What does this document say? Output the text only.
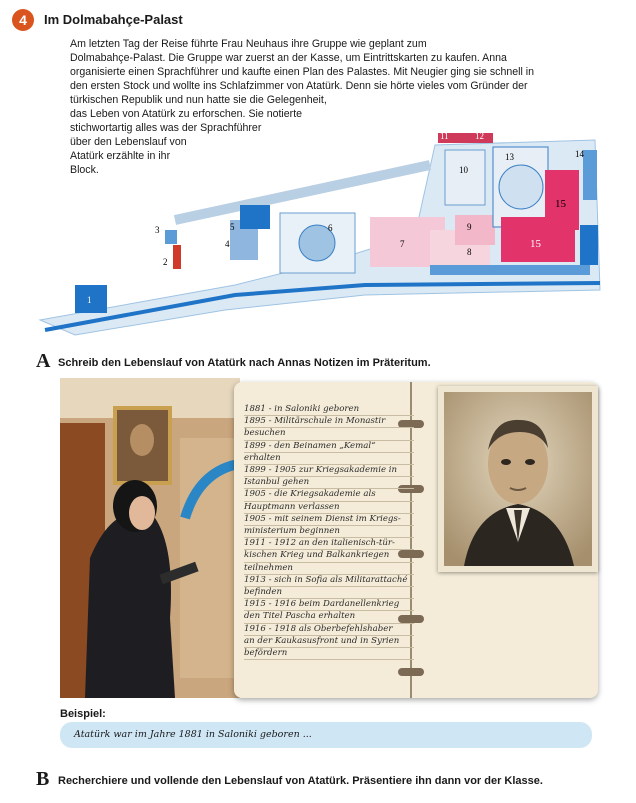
4	Im Dolmabahçe-Palast

Am letzten Tag der Reise führte Frau Neuhaus ihre Gruppe wie geplant zum

Dolmabahçe-Palast. Die Gruppe war zuerst an der Kasse, um Eintrittskarten zu kaufen. Anna

organisierte einen Sprachführer und kaufte einen Plan des Palastes. Mit Neugier ging sie schnell in

den ersten Stock und wollte ins Schlafzimmer von Atatürk. Denn sie hörte vieles vom Gründer der

türkischen Republik und nun hatte sie die Gelegenheit,

das Leben von Atatürk zu erforschen. Sie notierte

stichwortartig alles was der Sprachführer

über den Lebenslauf von

Atatürk erzählte in ihr

Block.

1
2
3
4
5	6
7
8
9
10
11	12
13	14
15
15
A Schreib den Lebenslauf von Atatürk nach Annas Notizen im Präteritum.
1881 - in Saloniki geboren
1895 - Militärschule in Monastir
besuchen
1899 - den Beinamen „Kemal“
erhalten
1899 - 1905 zur Kriegsakademie in
Istanbul gehen
1905 - die Kriegsakademie als
Hauptmann verlassen
1905 - mit seinem Dienst im Kriegs-
ministerium beginnen
1911 - 1912 an den italienisch-tür-
kischen Krieg und Balkankriegen
teilnehmen
1913 - sich in Sofia als Militarattaché
befinden
1915 - 1916 beim Dardanellenkrieg
den Titel Pascha erhalten
1916 - 1918 als Oberbefehlshaber
an der Kaukasusfront und in Syrien
befördern
Beispiel:
Atatürk war im Jahre 1881 in Saloniki geboren ...
B Recherchiere und vollende den Lebenslauf von Atatürk. Präsentiere ihn dann vor der Klasse.
